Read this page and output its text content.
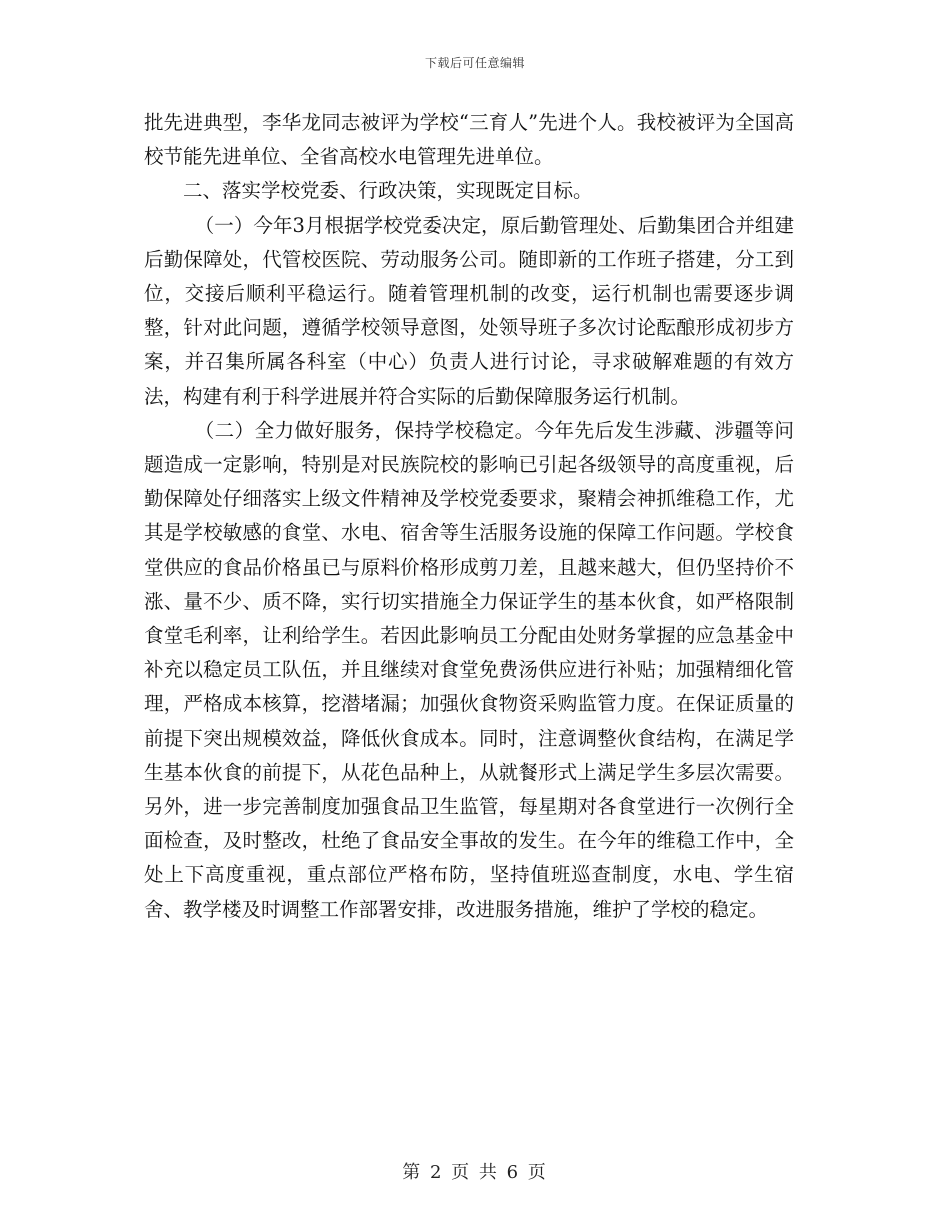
下载后可任意编辑

批先进典型，李华龙同志被评为学校“三育人”先进个人。我校被评为全国高校节能先进单位、全省高校水电管理先进单位。

二、落实学校党委、行政决策，实现既定目标。

（一）今年3月根据学校党委决定，原后勤管理处、后勤集团合并组建后勤保障处，代管校医院、劳动服务公司。随即新的工作班子搭建，分工到位，交接后顺利平稳运行。随着管理机制的改变，运行机制也需要逐步调整，针对此问题，遵循学校领导意图，处领导班子多次讨论酝酿形成初步方案，并召集所属各科室（中心）负责人进行讨论，寻求破解难题的有效方法，构建有利于科学进展并符合实际的后勤保障服务运行机制。

（二）全力做好服务，保持学校稳定。今年先后发生涉藏、涉疆等问题造成一定影响，特别是对民族院校的影响已引起各级领导的高度重视，后勤保障处仔细落实上级文件精神及学校党委要求，聚精会神抓维稳工作，尤其是学校敏感的食堂、水电、宿舍等生活服务设施的保障工作问题。学校食堂供应的食品价格虽已与原料价格形成剪刀差，且越来越大，但仍坚持价不涨、量不少、质不降，实行切实措施全力保证学生的基本伙食，如严格限制食堂毛利率，让利给学生。若因此影响员工分配由处财务掌握的应急基金中补充以稳定员工队伍，并且继续对食堂免费汤供应进行补贴；加强精细化管理，严格成本核算，挖潜堵漏；加强伙食物资采购监管力度。在保证质量的前提下突出规模效益，降低伙食成本。同时，注意调整伙食结构，在满足学生基本伙食的前提下，从花色品种上，从就餐形式上满足学生多层次需要。另外，进一步完善制度加强食品卫生监管，每星期对各食堂进行一次例行全面检查，及时整改，杜绝了食品安全事故的发生。在今年的维稳工作中，全处上下高度重视，重点部位严格布防，坚持值班巡查制度，水电、学生宿舍、教学楼及时调整工作部署安排，改进服务措施，维护了学校的稳定。

第 2 页 共 6 页
